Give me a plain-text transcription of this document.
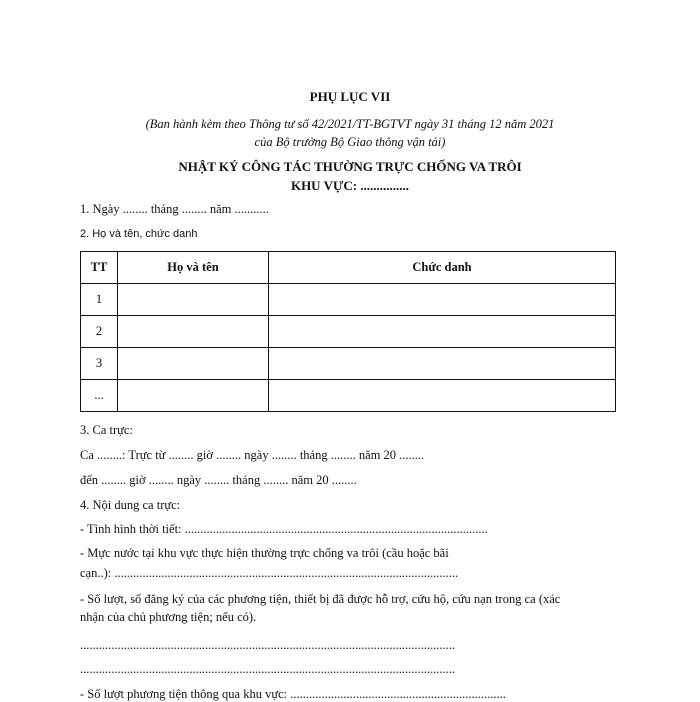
PHỤ LỤC VII
(Ban hành kèm theo Thông tư số 42/2021/TT-BGTVT ngày 31 tháng 12 năm 2021
của Bộ trưởng Bộ Giao thông vận tải)
NHẬT KÝ CÔNG TÁC THƯỜNG TRỰC CHỐNG VA TRÔI
KHU VỰC: ...............
1. Ngày ........ tháng ........ năm ...........
2. Họ và tên, chức danh
TT	Họ và tên	Chức danh
1		
2		
3		
...		
3. Ca trực:
Ca ........: Trực từ ........ giờ ........ ngày ........ tháng ........ năm 20 ........
đến ........ giờ ........ ngày ........ tháng ........ năm 20 ........
4. Nội dung ca trực:
- Tình hình thời tiết: .................................................................................................
- Mực nước tại khu vực thực hiện thường trực chống va trôi (cầu hoặc bãi
cạn..): ..............................................................................................................
- Số lượt, số đăng ký của các phương tiện, thiết bị đã được hỗ trợ, cứu hộ, cứu nạn trong ca (xác
nhận của chủ phương tiện; nếu có).
........................................................................................................................
........................................................................................................................
- Số lượt phương tiện thông qua khu vực: .....................................................................
